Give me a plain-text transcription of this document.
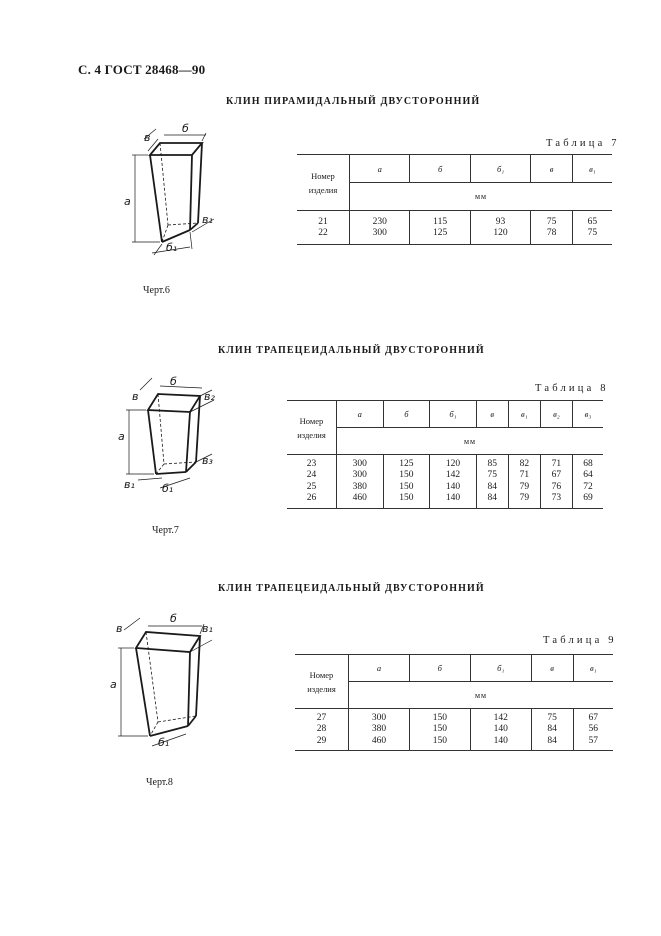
С. 4 ГОСТ 28468—90
КЛИН ПИРАМИДАЛЬНЫЙ ДВУСТОРОННИЙ
Таблица 7
в
б
а
в₁
б₁
Черт.6
Номер
изделия	а	б	б₁	в	в₁
	мм				

21	230	115	93	75	65
22	300	125	120	78	75
КЛИН ТРАПЕЦЕИДАЛЬНЫЙ ДВУСТОРОННИЙ
Таблица 8
в
б
в₂
а
в₃
в₁ б₁
Черт.7
Номер
изделия	а	б	б₁	в	в₁	в₂	в₃
	мм						

23	300	125	120	85	82	71	68
24	300	150	142	75	71	67	64
25	380	150	140	84	79	76	72
26	460	150	140	84	79	73	69
КЛИН ТРАПЕЦЕИДАЛЬНЫЙ ДВУСТОРОННИЙ
Таблица 9
в
б
в₁
а
б₁
Черт.8
Номер
изделия	а	б	б₁	в	в₁
	мм				

27	300	150	142	75	67
28	380	150	140	84	56
29	460	150	140	84	57
